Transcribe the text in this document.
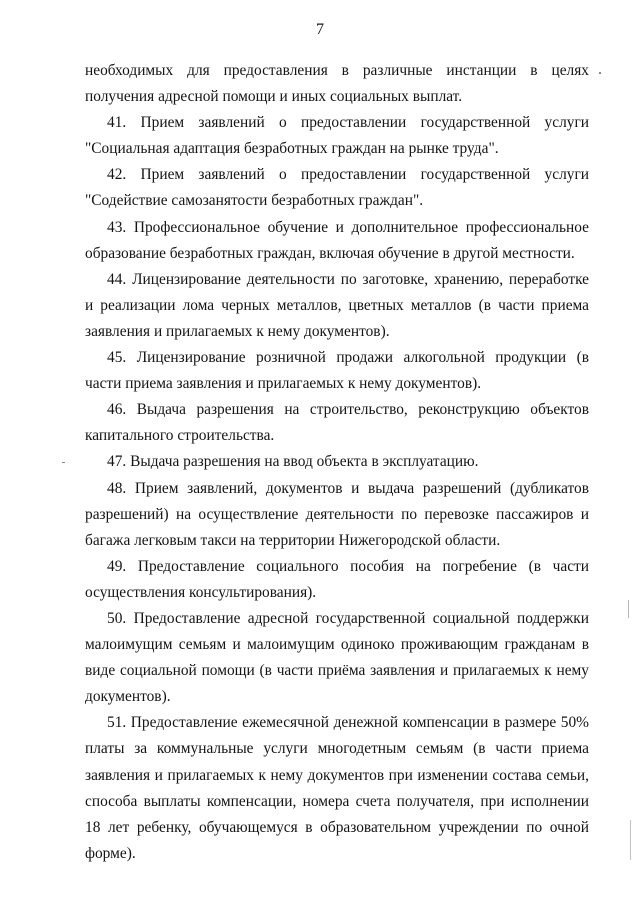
7

необходимых для предоставления в различные инстанции в целях получения адресной помощи и иных социальных выплат.

41. Прием заявлений о предоставлении государственной услуги "Социальная адаптация безработных граждан на рынке труда".

42. Прием заявлений о предоставлении государственной услуги "Содействие самозанятости безработных граждан".

43. Профессиональное обучение и дополнительное профессиональное образование безработных граждан, включая обучение в другой местности.

44. Лицензирование деятельности по заготовке, хранению, переработке и реализации лома черных металлов, цветных металлов (в части приема заявления и прилагаемых к нему документов).

45. Лицензирование розничной продажи алкогольной продукции (в части приема заявления и прилагаемых к нему документов).

46. Выдача разрешения на строительство, реконструкцию объектов капитального строительства.

47. Выдача разрешения на ввод объекта в эксплуатацию.

48. Прием заявлений, документов и выдача разрешений (дубликатов разрешений) на осуществление деятельности по перевозке пассажиров и багажа легковым такси на территории Нижегородской области.

49. Предоставление социального пособия на погребение (в части осуществления консультирования).

50. Предоставление адресной государственной социальной поддержки малоимущим семьям и малоимущим одиноко проживающим гражданам в виде социальной помощи (в части приёма заявления и прилагаемых к нему документов).

51. Предоставление ежемесячной денежной компенсации в размере 50% платы за коммунальные услуги многодетным семьям (в части приема заявления и прилагаемых к нему документов при изменении состава семьи, способа выплаты компенсации, номера счета получателя, при исполнении 18 лет ребенку, обучающемуся в образовательном учреждении по очной форме).
